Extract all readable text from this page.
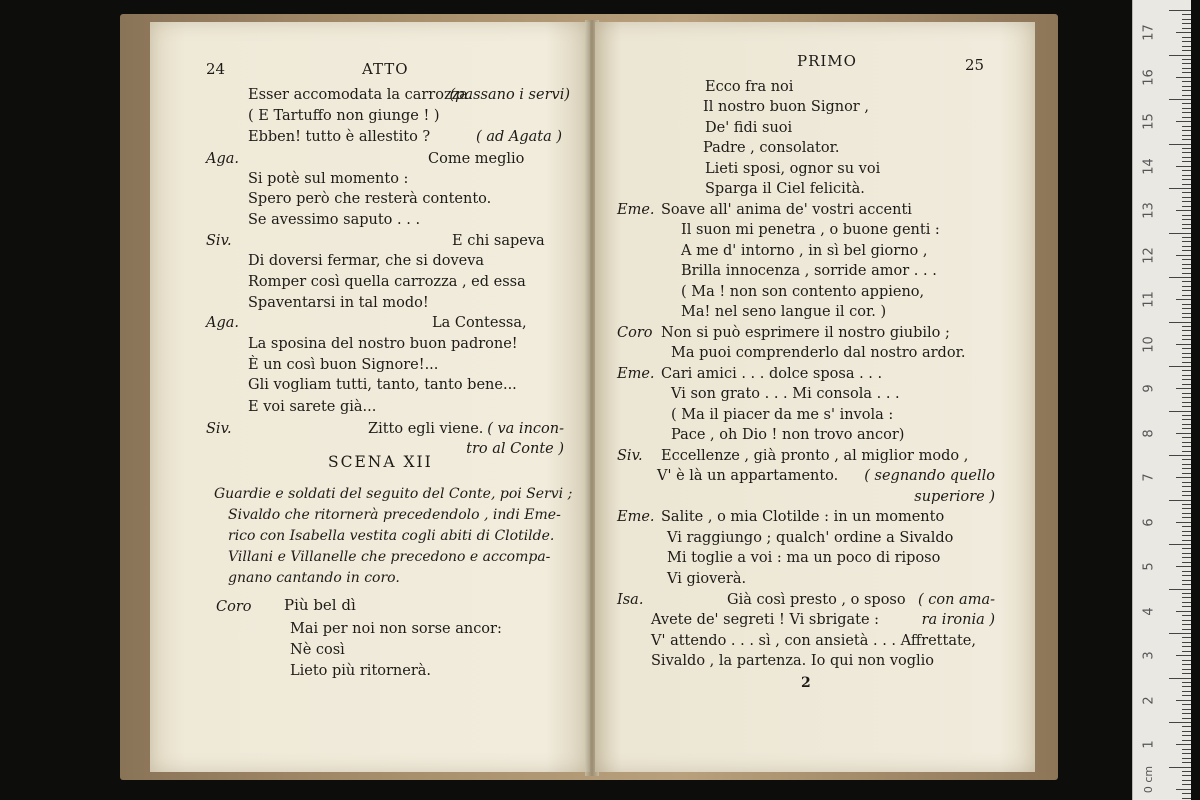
24	ATTO
Esser accomodata la carrozza.
(passano i servi)
( E Tartuffo non giunge ! )
Ebben! tutto è allestito ?	( ad Agata )
Aga.	Come meglio
Si potè sul momento :
Spero però che resterà contento.
Se avessimo saputo . . .
Siv.	E chi sapeva
Di doversi fermar, che si doveva
Romper così quella carrozza , ed essa
Spaventarsi in tal modo!
Aga.	La Contessa,
La sposina del nostro buon padrone!
È un così buon Signore!...
Gli vogliam tutti, tanto, tanto bene...
E voi sarete già...
Siv.	Zitto egli viene. ( va incon-
tro al Conte )
SCENA XII
Guardie e soldati del seguito del Conte, poi Servi ;
Sivaldo che ritornerà precedendolo , indi Eme-
rico con Isabella vestita cogli abiti di Clotilde.
Villani e Villanelle che precedono e accompa-
gnano cantando in coro.
Coro Più bel dì
Mai per noi non sorse ancor:
Nè così
Lieto più ritornerà.
PRIMO	25
Ecco fra noi
Il nostro buon Signor ,
De' fidi suoi
Padre , consolator.
Lieti sposi, ognor su voi
Sparga il Ciel felicità.
Eme. Soave all' anima de' vostri accenti
Il suon mi penetra , o buone genti :
A me d' intorno , in sì bel giorno ,
Brilla innocenza , sorride amor . . .
( Ma ! non son contento appieno,
Ma! nel seno langue il cor. )
Coro Non si può esprimere il nostro giubilo ;
Ma puoi comprenderlo dal nostro ardor.
Eme. Cari amici . . . dolce sposa . . .
Vi son grato . . . Mi consola . . .
( Ma il piacer da me s' invola :
Pace , oh Dio ! non trovo ancor)
Siv. Eccellenze , già pronto , al miglior modo ,
V' è là un appartamento. ( segnando quello
superiore )
Eme. Salite , o mia Clotilde : in un momento
Vi raggiungo ; qualch' ordine a Sivaldo
Mi toglie a voi : ma un poco di riposo
Vi gioverà.
Isa.	Già così presto , o sposo ( con ama-
Avete de' segreti ! Vi sbrigate :	ra ironia )
V' attendo . . . sì , con ansietà . . . Affrettate,
Sivaldo , la partenza. Io qui non voglio
2
0 cm
17
16
15
14
13
12
11
10
9
8
7
6
5
4
3
2
1
